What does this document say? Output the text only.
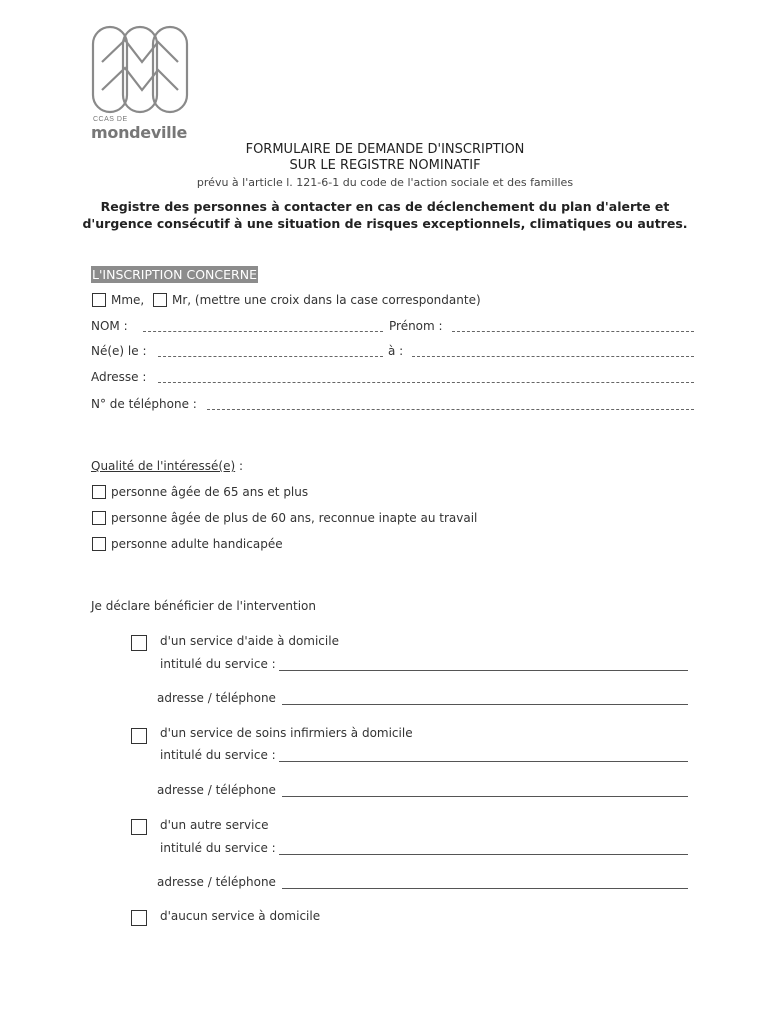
CCAS DE
mondeville
FORMULAIRE DE DEMANDE D'INSCRIPTION
SUR LE REGISTRE NOMINATIF
prévu à l'article l. 121-6-1 du code de l'action sociale et des familles
Registre des personnes à contacter en cas de déclenchement du plan d'alerte et
d'urgence consécutif à une situation de risques exceptionnels, climatiques ou autres.
L'INSCRIPTION CONCERNE
Mme, Mr, (mettre une croix dans la case correspondante)
NOM :	Prénom :
Né(e) le :	à :
Adresse :
N° de téléphone :
Qualité de l'intéressé(e) :
personne âgée de 65 ans et plus
personne âgée de plus de 60 ans, reconnue inapte au travail
personne adulte handicapée
Je déclare bénéficier de l'intervention
d'un service d'aide à domicile
intitulé du service :
adresse / téléphone
d'un service de soins infirmiers à domicile
intitulé du service :
adresse / téléphone
d'un autre service
intitulé du service :
adresse / téléphone
d'aucun service à domicile
